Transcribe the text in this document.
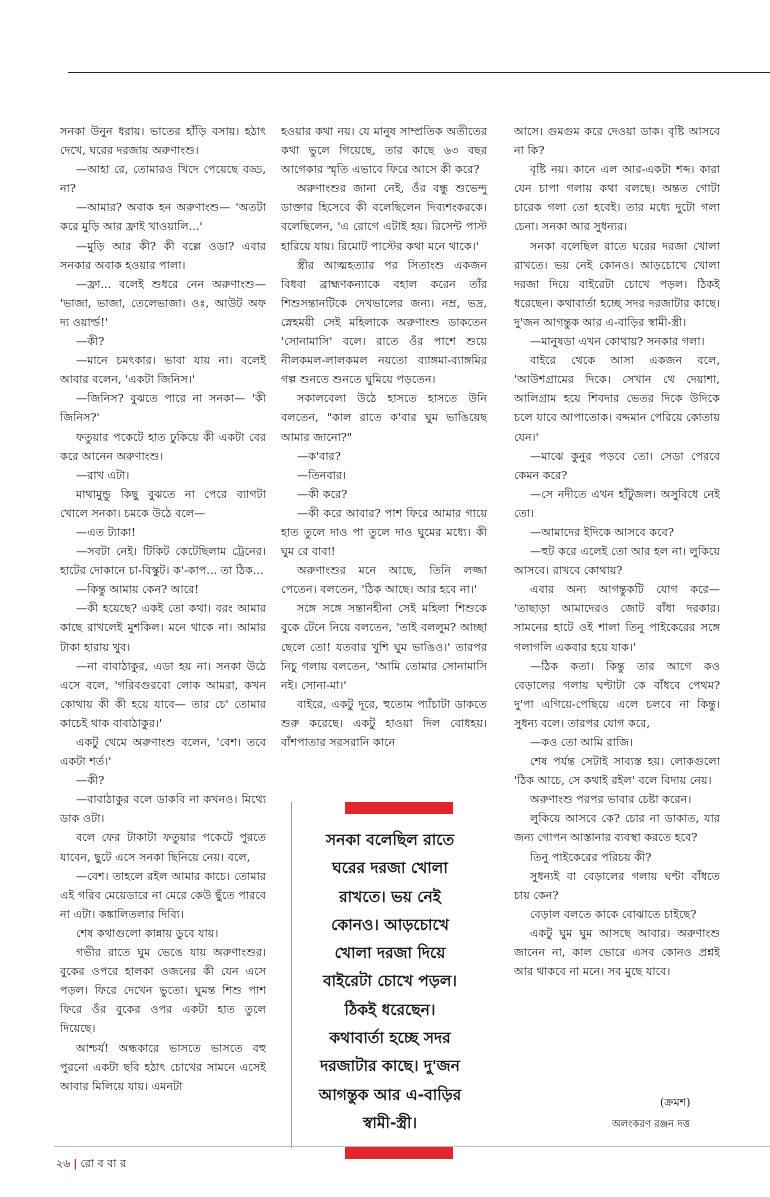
সনকা উনুন ধরায়। ভাতের হাঁড়ি বসায়। হঠাৎ দেখে, ঘরের দরজায় অরুণাংশু।

—আহা রে, তোমারও খিদে পেয়েছে বড্ড, না?

—আমার? অবাক হন অরুণাংশু— 'অতটা করে মুড়ি আর ফ্রাই খাওয়ালি...'

—মুড়ি আর কী? কী বল্লে ওডা? এবার সনকার অবাক হওয়ার পালা।

—ফ্রা... বলেই শুধরে নেন অরুণাংশু— 'ভাজা, ভাজা, তেলেভাজা। ওঃ, আউট অফ দ্য ওয়ার্ল্ড!'

—কী?

—মানে চমৎকার। ভাবা যায় না। বলেই আবার বলেন, 'একটা জিনিস।'

—জিনিস? বুঝতে পারে না সনকা— 'কী জিনিস?'

ফতুয়ার পকেটে হাত ঢুকিয়ে কী একটা বের করে আনেন অরুণাংশু।

—রাখ এটা।

মাথামুন্ডু কিছু বুঝতে না পেরে ব্যাগটা খোলে সনকা। চমকে উঠে বলে—

—এত ট্যাকা!

—সবটা নেই। টিকিট কেটেছিলাম ট্রেনের। হাটের দোকানে চা-বিস্কুট। ক'-কাপ... তা ঠিক...

—কিন্তু আমায় কেন? আরে!

—কী হয়েছে? একই তো কথা। বরং আমার কাছে রাখলেই মুশকিল। মনে থাকে না। আমার টাকা হারায় খুব।

—না বাবাঠাকুর, এডা হয় না। সনকা উঠে এসে বলে, 'গরিবগুরবো লোক আমরা, কখন কোথায় কী কী হয়ে যাবে— তার চে' তোমার কাচেই থাক বাবাঠাকুর।'

একটু থেমে অরুণাংশু বলেন, 'বেশ। তবে একটা শর্ত।'

—কী?

—বাবাঠাকুর বলে ডাকবি না কখনও। মিথ্যে ডাক ওটা।

বলে ফের টাকাটা ফতুয়ার পকেটে পুরতে যাবেন, ছুটে এসে সনকা ছিনিয়ে নেয়। বলে,

—বেশ। তাহলে রইল আমার কাচে। তোমার এই গরিব মেয়েডারে না মেরে কেউ ছুঁতে পারবে না এটা। কঙ্কালিতলার দিব্যি।

শেষ কথাগুলো কান্নায় ডুবে যায়।

গভীর রাতে ঘুম ভেঙে যায় অরুণাংশুর। বুকের ওপরে হালকা ওজনের কী যেন এসে পড়ল। ফিরে দেখেন ভুতো। ঘুমন্ত শিশু পাশ ফিরে ওঁর বুকের ওপর একটা হাত তুলে দিয়েছে।

আশ্চর্য! অন্ধকারে ভাসতে ভাসতে বহু পুরনো একটা ছবি হঠাৎ চোখের সামনে এসেই আবার মিলিয়ে যায়। এমনটা

হওয়ার কথা নয়। যে মানুষ সাম্প্রতিক অতীতের কথা ভুলে গিয়েছে, তার কাছে ৬৩ বছর আগেকার স্মৃতি এভাবে ফিরে আসে কী করে?

অরুণাংশুর জানা নেই, ওঁর বন্ধু শুভেন্দু ডাক্তার হিসেবে কী বলেছিলেন দিব্যশংকরকে। বলেছিলেন, 'এ রোগে এটাই হয়। রিসেন্ট পাস্ট হারিয়ে যায়। রিমোট পাস্টের কথা মনে থাকে।'

স্ত্রীর আত্মহত্যার পর সিতাংশু একজন বিধবা ব্রাহ্মণকন্যাকে বহাল করেন তাঁর শিশুসন্তানটিকে দেখভালের জন্য। নম্র, ভদ্র, স্নেহময়ী সেই মহিলাকে অরুণাংশু ডাকতেন 'সোনামাসি' বলে। রাতে ওঁর পাশে শুয়ে নীলকমল-লালকমল নয়তো ব্যাঙ্গমা-ব্যাঙ্গমির গল্প শুনতে শুনতে ঘুমিয়ে পড়তেন।

সকালবেলা উঠে হাসতে হাসতে উনি বলতেন, "কাল রাতে ক'বার ঘুম ভাঙিয়েছ আমার জানো?"

—ক'বার?

—তিনবার।

—কী করে?

—কী করে আবার? পাশ ফিরে আমার গায়ে হাত তুলে দাও পা তুলে দাও ঘুমের মধ্যে। কী ঘুম রে বাবা!

অরুণাংশুর মনে আছে, তিনি লজ্জা পেতেন। বলতেন, 'ঠিক আছে। আর হবে না।'

সঙ্গে সঙ্গে সন্তানহীনা সেই মহিলা শিশুকে বুকে টেনে নিয়ে বলতেন, 'তাই বললুম? আচ্ছা ছেলে তো! যতবার খুশি ঘুম ভাঙিও।' তারপর নিচু গলায় বলতেন, 'আমি তোমার সোনামাসি নই। সোনা-মা।'

বাইরে, একটু দূরে, হুতোম প্যাঁচাটা ডাকতে শুরু করেছে। একটু হাওয়া দিল বোধহয়। বাঁশপাতার সরসরানি কানে

সনকা বলেছিল রাতে
ঘরের দরজা খোলা
রাখতে। ভয় নেই
কোনও। আড়চোখে
খোলা দরজা দিয়ে
বাইরেটা চোখে পড়ল।
ঠিকই ধরেছেন।
কথাবার্তা হচ্ছে সদর
দরজাটার কাছে। দু'জন
আগন্তুক আর এ-বাড়ির
স্বামী-স্ত্রী।

আসে। গুমগুম করে দেওয়া ডাক। বৃষ্টি আসবে না কি?

বৃষ্টি নয়। কানে এল আর-একটা শব্দ। কারা যেন চাপা গলায় কথা বলছে। অন্তত গোটা চারেক গলা তো হবেই। তার মধ্যে দুটো গলা চেনা। সনকা আর সুধন্যর।

সনকা বলেছিল রাতে ঘরের দরজা খোলা রাখতে। ভয় নেই কোনও। আড়চোখে খোলা দরজা দিয়ে বাইরেটা চোখে পড়ল। ঠিকই ধরেছেন। কথাবার্তা হচ্ছে সদর দরজাটার কাছে। দু'জন আগন্তুক আর এ-বাড়ির স্বামী-স্ত্রী।

—মানুষডা এখন কোথায়? সনকার গলা।

বাইরে থেকে আসা একজন বলে, 'আউশগ্রামের দিকে। সেখান থে দেয়াশা, আলিগ্রাম হয়ে শিবদার ভেতর দিকে উদিকে চলে যাবে আপাতোক। বদ্দমান পেরিয়ে কোতায় যেন।'

—মাঝে কুনুর পড়বে তো। সেডা পেরবে কেমন করে?

—সে নদীতে এখন হাঁটুজল। অসুবিধে নেই তো।

—আমাদের ইদিকে আসবে কবে?

—হুট করে এলেই তো আর হল না। লুকিয়ে আসবে। রাখবে কোথায়?

এবার অন্য আগন্তুকটি যোগ করে— 'তাছাড়া আমাদেরও জোট বাঁধা দরকার। সামনের হাটে ওই শালা তিনু পাইকেরের সঙ্গে গলাগলি একবার হয়ে যাক।'

—ঠিক কতা। কিন্তু তার আগে কও বেড়ালের গলায় ঘণ্টাটা কে বাঁধবে পেথম? দু'পা এগিয়ে-পেছিয়ে এলে চলবে না কিন্তু। সুধন্য বলে। তারপর যোগ করে,

—কও তো আমি রাজি।

শেষ পর্যন্ত সেটাই সাব্যস্ত হয়। লোকগুলো 'ঠিক আচে, সে কথাই রইল' বলে বিদায় নেয়।

অরুণাংশু পরপর ভাবার চেষ্টা করেন।

লুকিয়ে আসবে কে? চোর না ডাকাত, যার জন্য গোপন আস্তানার ব্যবস্থা করতে হবে?

তিনু পাইকেরের পরিচয় কী?

সুধন্যই বা বেড়ালের গলায় ঘণ্টা বাঁধতে চায় কেন?

বেড়াল বলতে কাকে বোঝাতে চাইছে?

একটু ঘুম ঘুম আসছে আবার। অরুণাংশু জানেন না, কাল ভোরে এসব কোনও প্রশ্নই আর থাকবে না মনে। সব মুছে যাবে।

(ক্রমশ)
অলংকরণ রঞ্জন দত্ত
২৬ | রো ব বা র
